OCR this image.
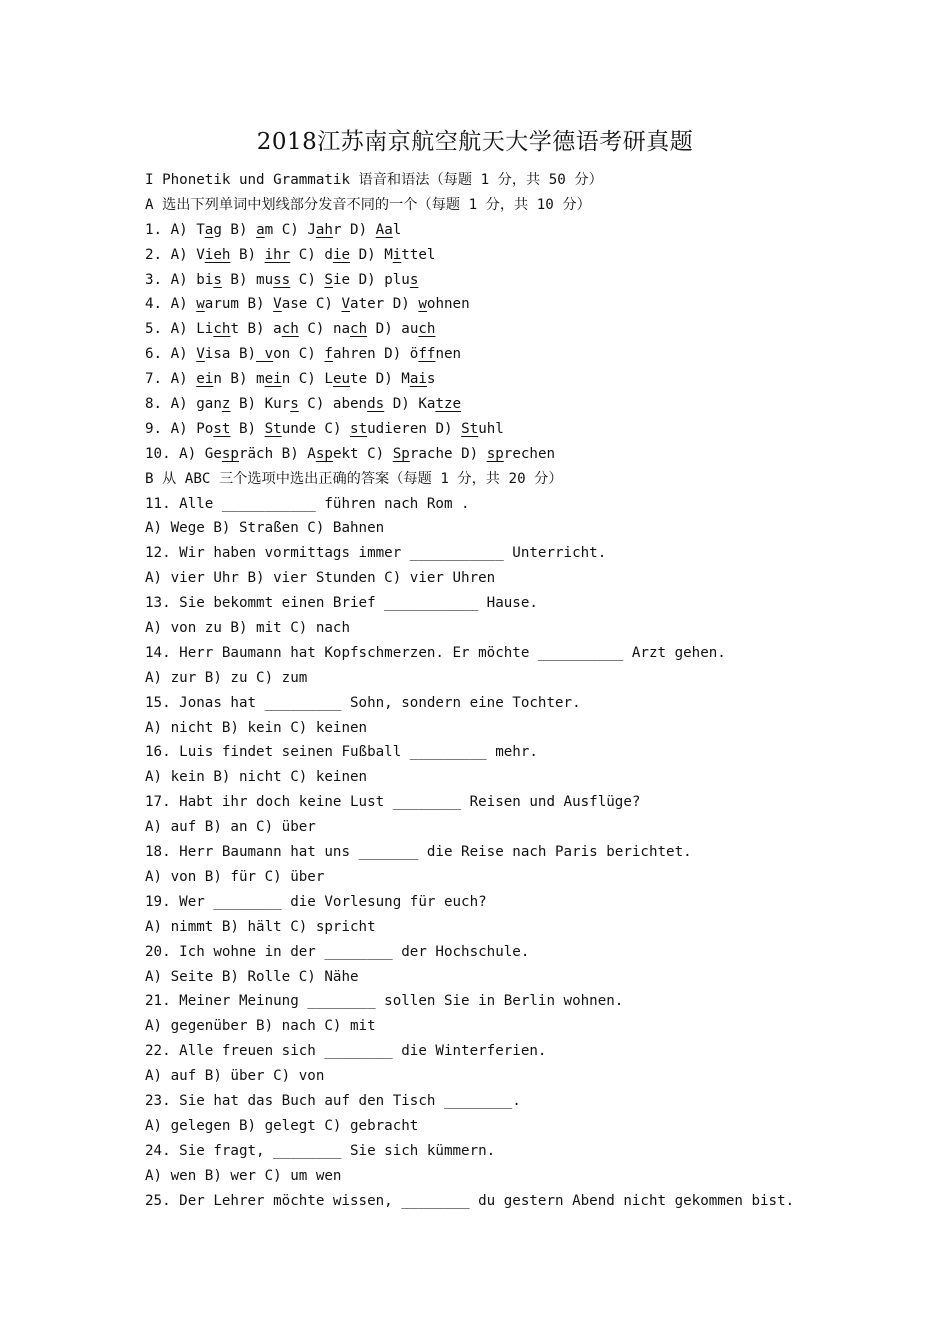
2018江苏南京航空航天大学德语考研真题
I Phonetik und Grammatik 语音和语法（每题 1 分，共 50 分）
A 选出下列单词中划线部分发音不同的一个（每题 1 分，共 10 分）
1. A) Tag B) am C) Jahr D) Aal
2. A) Vieh B) ihr C) die D) Mittel
3. A) bis B) muss C) Sie D) plus
4. A) warum B) Vase C) Vater D) wohnen
5. A) Licht B) ach C) nach D) auch
6. A) Visa B) von C) fahren D) öffnen
7. A) ein B) mein C) Leute D) Mais
8. A) ganz B) Kurs C) abends D) Katze
9. A) Post B) Stunde C) studieren D) Stuhl
10. A) Gespräch B) Aspekt C) Sprache D) sprechen
B 从 ABC 三个选项中选出正确的答案（每题 1 分，共 20 分）
11. Alle ___________ führen nach Rom .
A) Wege B) Straßen C) Bahnen
12. Wir haben vormittags immer ___________ Unterricht.
A) vier Uhr B) vier Stunden C) vier Uhren
13. Sie bekommt einen Brief ___________ Hause.
A) von zu B) mit C) nach
14. Herr Baumann hat Kopfschmerzen. Er möchte __________ Arzt gehen.
A) zur B) zu C) zum
15. Jonas hat _________ Sohn, sondern eine Tochter.
A) nicht B) kein C) keinen
16. Luis findet seinen Fußball _________ mehr.
A) kein B) nicht C) keinen
17. Habt ihr doch keine Lust ________ Reisen und Ausflüge?
A) auf B) an C) über
18. Herr Baumann hat uns _______ die Reise nach Paris berichtet.
A) von B) für C) über
19. Wer ________ die Vorlesung für euch?
A) nimmt B) hält C) spricht
20. Ich wohne in der ________ der Hochschule.
A) Seite B) Rolle C) Nähe
21. Meiner Meinung ________ sollen Sie in Berlin wohnen.
A) gegenüber B) nach C) mit
22. Alle freuen sich ________ die Winterferien.
A) auf B) über C) von
23. Sie hat das Buch auf den Tisch ________.
A) gelegen B) gelegt C) gebracht
24. Sie fragt, ________ Sie sich kümmern.
A) wen B) wer C) um wen
25. Der Lehrer möchte wissen, ________ du gestern Abend nicht gekommen bist.
